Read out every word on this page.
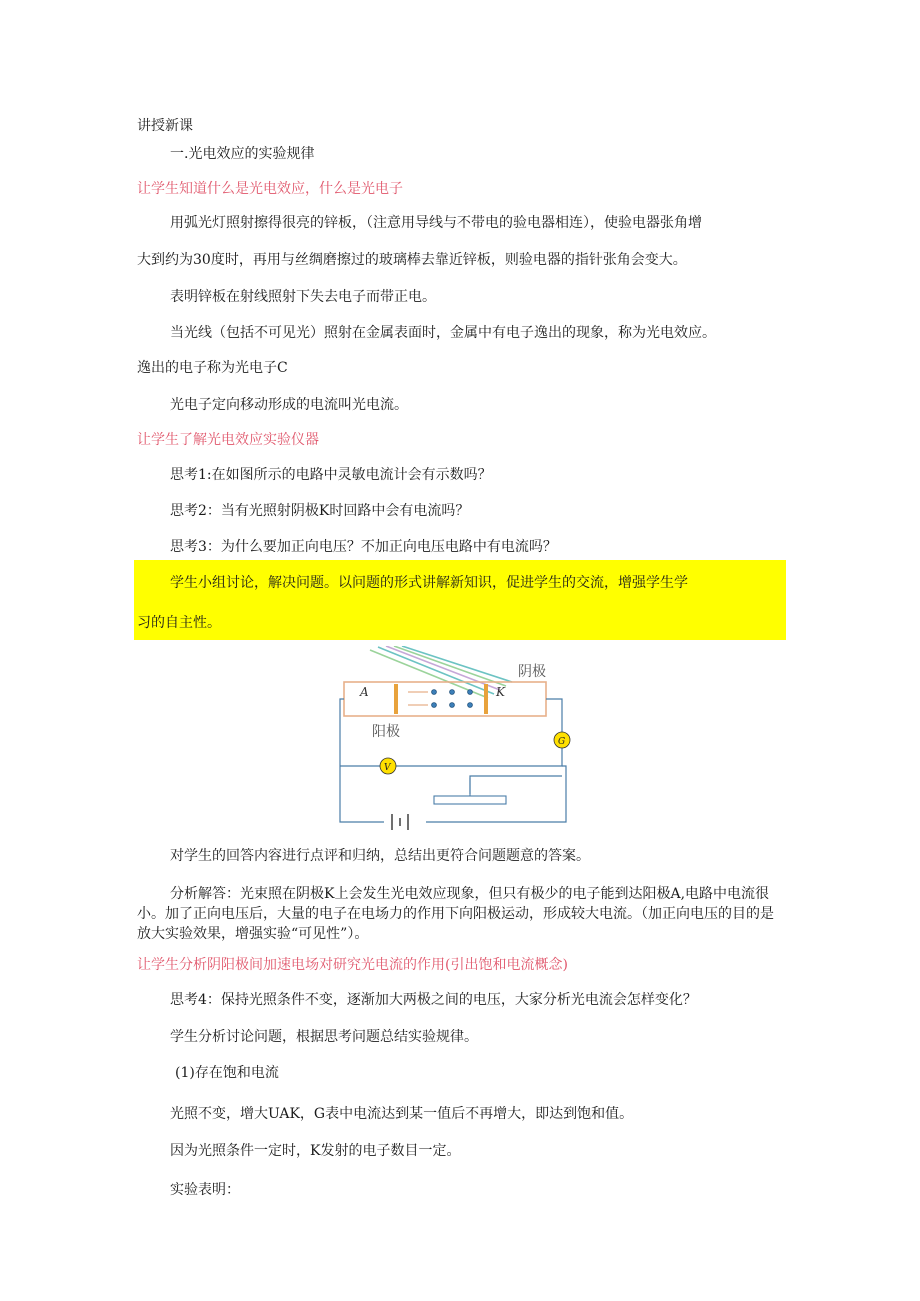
讲授新课
一.光电效应的实验规律
让学生知道什么是光电效应，什么是光电子
用弧光灯照射擦得很亮的锌板，（注意用导线与不带电的验电器相连），使验电器张角增
大到约为30度时，再用与丝绸磨擦过的玻璃棒去靠近锌板，则验电器的指针张角会变大。
表明锌板在射线照射下失去电子而带正电。
当光线（包括不可见光）照射在金属表面时，金属中有电子逸出的现象，称为光电效应。
逸出的电子称为光电子C
光电子定向移动形成的电流叫光电流。
让学生了解光电效应实验仪器
思考1:在如图所示的电路中灵敏电流计会有示数吗？
思考2：当有光照射阴极K时回路中会有电流吗？
思考3：为什么要加正向电压？不加正向电压电路中有电流吗？
学生小组讨论，解决问题。以问题的形式讲解新知识，促进学生的交流，增强学生学
习的自主性。
A	K
阴极
阳极
G
V
对学生的回答内容进行点评和归纳，总结出更符合问题题意的答案。
分析解答：光束照在阴极K上会发生光电效应现象，但只有极少的电子能到达阳极A,电路中电流很
小。加了正向电压后，大量的电子在电场力的作用下向阳极运动，形成较大电流。（加正向电压的目的是
放大实验效果，增强实验“可见性”）。
让学生分析阴阳极间加速电场对研究光电流的作用(引出饱和电流概念)
思考4：保持光照条件不变，逐渐加大两极之间的电压，大家分析光电流会怎样变化？
学生分析讨论问题，根据思考问题总结实验规律。
(1)存在饱和电流
光照不变，增大UAK，G表中电流达到某一值后不再增大，即达到饱和值。
因为光照条件一定时，K发射的电子数目一定。
实验表明：
